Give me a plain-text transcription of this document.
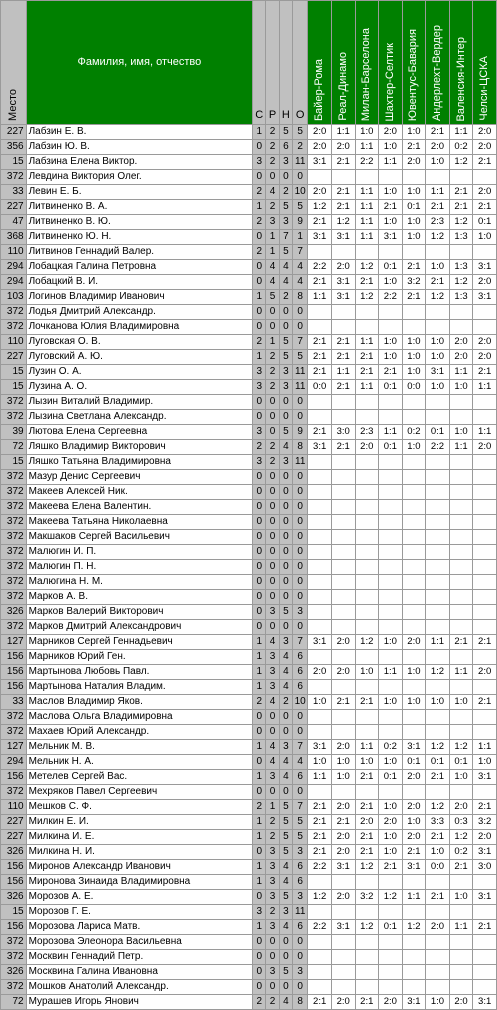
Место	Фамилия, имя, отчество	С	Р	Н	О	Байер-Рома	Реал-Динамо	Милан-Барселона	Шахтер-Селтик	Ювентус-Бавария	Андерлехт-Вердер	Валенсия-Интер	Челси-ЦСКА

227	Лабзин Е. В.	1	2	5	5	2:0	1:1	1:0	2:0	1:0	2:1	1:1	2:0
356	Лабзин Ю. В.	0	2	6	2	2:0	2:0	1:1	1:0	2:1	2:0	0:2	2:0
15	Лабзина Елена Виктор.	3	2	3	11	3:1	2:1	2:2	1:1	2:0	1:0	1:2	2:1
372	Левдина Виктория Олег.	0	0	0	0								
33	Левин Е. Б.	2	4	2	10	2:0	2:1	1:1	1:0	1:0	1:1	2:1	2:0
227	Литвиненко В. А.	1	2	5	5	1:2	2:1	1:1	2:1	0:1	2:1	2:1	2:1
47	Литвиненко В. Ю.	2	3	3	9	2:1	1:2	1:1	1:0	1:0	2:3	1:2	0:1
368	Литвиненко Ю. Н.	0	1	7	1	3:1	3:1	1:1	3:1	1:0	1:2	1:3	1:0
110	Литвинов Геннадий Валер.	2	1	5	7								
294	Лобацкая Галина Петровна	0	4	4	4	2:2	2:0	1:2	0:1	2:1	1:0	1:3	3:1
294	Лобацкий В. И.	0	4	4	4	2:1	3:1	2:1	1:0	3:2	2:1	1:2	2:0
103	Логинов Владимир Иванович	1	5	2	8	1:1	3:1	1:2	2:2	2:1	1:2	1:3	3:1
372	Лодья Дмитрий Александр.	0	0	0	0								
372	Лочканова Юлия Владимировна	0	0	0	0								
110	Луговская О. В.	2	1	5	7	2:1	2:1	1:1	1:0	1:0	1:0	2:0	2:0
227	Луговский А. Ю.	1	2	5	5	2:1	2:1	2:1	1:0	1:0	1:0	2:0	2:0
15	Лузин О. А.	3	2	3	11	2:1	1:1	2:1	2:1	1:0	3:1	1:1	2:1
15	Лузина А. О.	3	2	3	11	0:0	2:1	1:1	0:1	0:0	1:0	1:0	1:1
372	Лызин Виталий Владимир.	0	0	0	0								
372	Лызина Светлана Александр.	0	0	0	0								
39	Лютова Елена Сергеевна	3	0	5	9	2:1	3:0	2:3	1:1	0:2	0:1	1:0	1:1
72	Ляшко Владимир Викторович	2	2	4	8	3:1	2:1	2:0	0:1	1:0	2:2	1:1	2:0
15	Ляшко Татьяна Владимировна	3	2	3	11								
372	Мазур Денис Сергеевич	0	0	0	0								
372	Макеев Алексей Ник.	0	0	0	0								
372	Макеева Елена Валентин.	0	0	0	0								
372	Макеева Татьяна Николаевна	0	0	0	0								
372	Макшаков Сергей Васильевич	0	0	0	0								
372	Малюгин И. П.	0	0	0	0								
372	Малюгин П. Н.	0	0	0	0								
372	Малюгина Н. М.	0	0	0	0								
372	Марков А. В.	0	0	0	0								
326	Марков Валерий Викторович	0	3	5	3								
372	Марков Дмитрий Александрович	0	0	0	0								
127	Марников Сергей Геннадьевич	1	4	3	7	3:1	2:0	1:2	1:0	2:0	1:1	2:1	2:1
156	Марников Юрий Ген.	1	3	4	6								
156	Мартынова Любовь Павл.	1	3	4	6	2:0	2:0	1:0	1:1	1:0	1:2	1:1	2:0
156	Мартынова Наталия Владим.	1	3	4	6								
33	Маслов Владимир Яков.	2	4	2	10	1:0	2:1	2:1	1:0	1:0	1:0	1:0	2:1
372	Маслова Ольга Владимировна	0	0	0	0								
372	Махаев Юрий Александр.	0	0	0	0								
127	Мельник М. В.	1	4	3	7	3:1	2:0	1:1	0:2	3:1	1:2	1:2	1:1
294	Мельник Н. А.	0	4	4	4	1:0	1:0	1:0	1:0	0:1	0:1	0:1	1:0
156	Метелев Сергей Вас.	1	3	4	6	1:1	1:0	2:1	0:1	2:0	2:1	1:0	3:1
372	Мехряков Павел Сергеевич	0	0	0	0								
110	Мешков С. Ф.	2	1	5	7	2:1	2:0	2:1	1:0	2:0	1:2	2:0	2:1
227	Милкин Е. И.	1	2	5	5	2:1	2:1	2:0	2:0	1:0	3:3	0:3	3:2
227	Милкина И. Е.	1	2	5	5	2:1	2:0	2:1	1:0	2:0	2:1	1:2	2:0
326	Милкина Н. И.	0	3	5	3	2:1	2:0	2:1	1:0	2:1	1:0	0:2	3:1
156	Миронов Александр Иванович	1	3	4	6	2:2	3:1	1:2	2:1	3:1	0:0	2:1	3:0
156	Миронова Зинаида Владимировна	1	3	4	6								
326	Морозов А. Е.	0	3	5	3	1:2	2:0	3:2	1:2	1:1	2:1	1:0	3:1
15	Морозов Г. Е.	3	2	3	11								
156	Морозова Лариса Матв.	1	3	4	6	2:2	3:1	1:2	0:1	1:2	2:0	1:1	2:1
372	Морозова Элеонора Васильевна	0	0	0	0								
372	Москвин Геннадий Петр.	0	0	0	0								
326	Москвина Галина Ивановна	0	3	5	3								
372	Мошков Анатолий Александр.	0	0	0	0								
72	Мурашев Игорь Янович	2	2	4	8	2:1	2:0	2:1	2:0	3:1	1:0	2:0	3:1
